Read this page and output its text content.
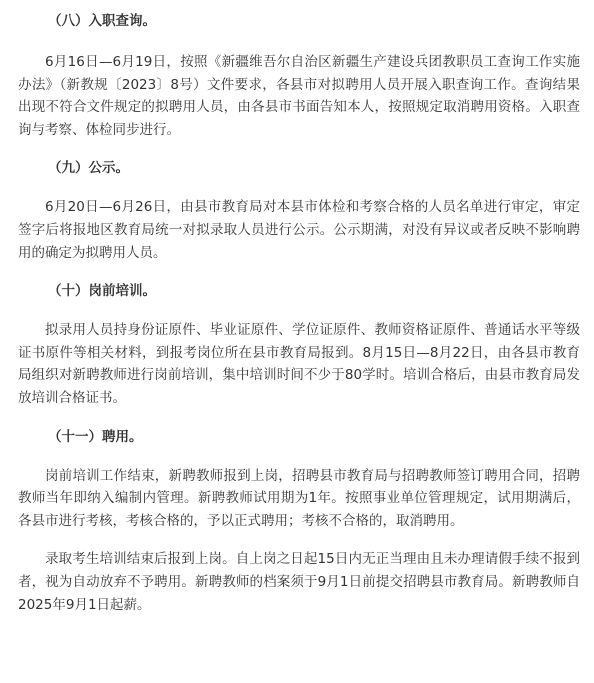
（八）入职查询。

6月16日—6月19日，按照《新疆维吾尔自治区新疆生产建设兵团教职员工查询工作实施办法》（新教规〔2023〕8号）文件要求，各县市对拟聘用人员开展入职查询工作。查询结果出现不符合文件规定的拟聘用人员，由各县市书面告知本人，按照规定取消聘用资格。入职查询与考察、体检同步进行。

（九）公示。

6月20日—6月26日，由县市教育局对本县市体检和考察合格的人员名单进行审定，审定签字后将报地区教育局统一对拟录取人员进行公示。公示期满，对没有异议或者反映不影响聘用的确定为拟聘用人员。

（十）岗前培训。

拟录用人员持身份证原件、毕业证原件、学位证原件、教师资格证原件、普通话水平等级证书原件等相关材料，到报考岗位所在县市教育局报到。8月15日—8月22日，由各县市教育局组织对新聘教师进行岗前培训，集中培训时间不少于80学时。培训合格后，由县市教育局发放培训合格证书。

（十一）聘用。

岗前培训工作结束，新聘教师报到上岗，招聘县市教育局与招聘教师签订聘用合同，招聘教师当年即纳入编制内管理。新聘教师试用期为1年。按照事业单位管理规定，试用期满后，各县市进行考核，考核合格的，予以正式聘用；考核不合格的，取消聘用。

录取考生培训结束后报到上岗。自上岗之日起15日内无正当理由且未办理请假手续不报到者，视为自动放弃不予聘用。新聘教师的档案须于9月1日前提交招聘县市教育局。新聘教师自2025年9月1日起薪。
